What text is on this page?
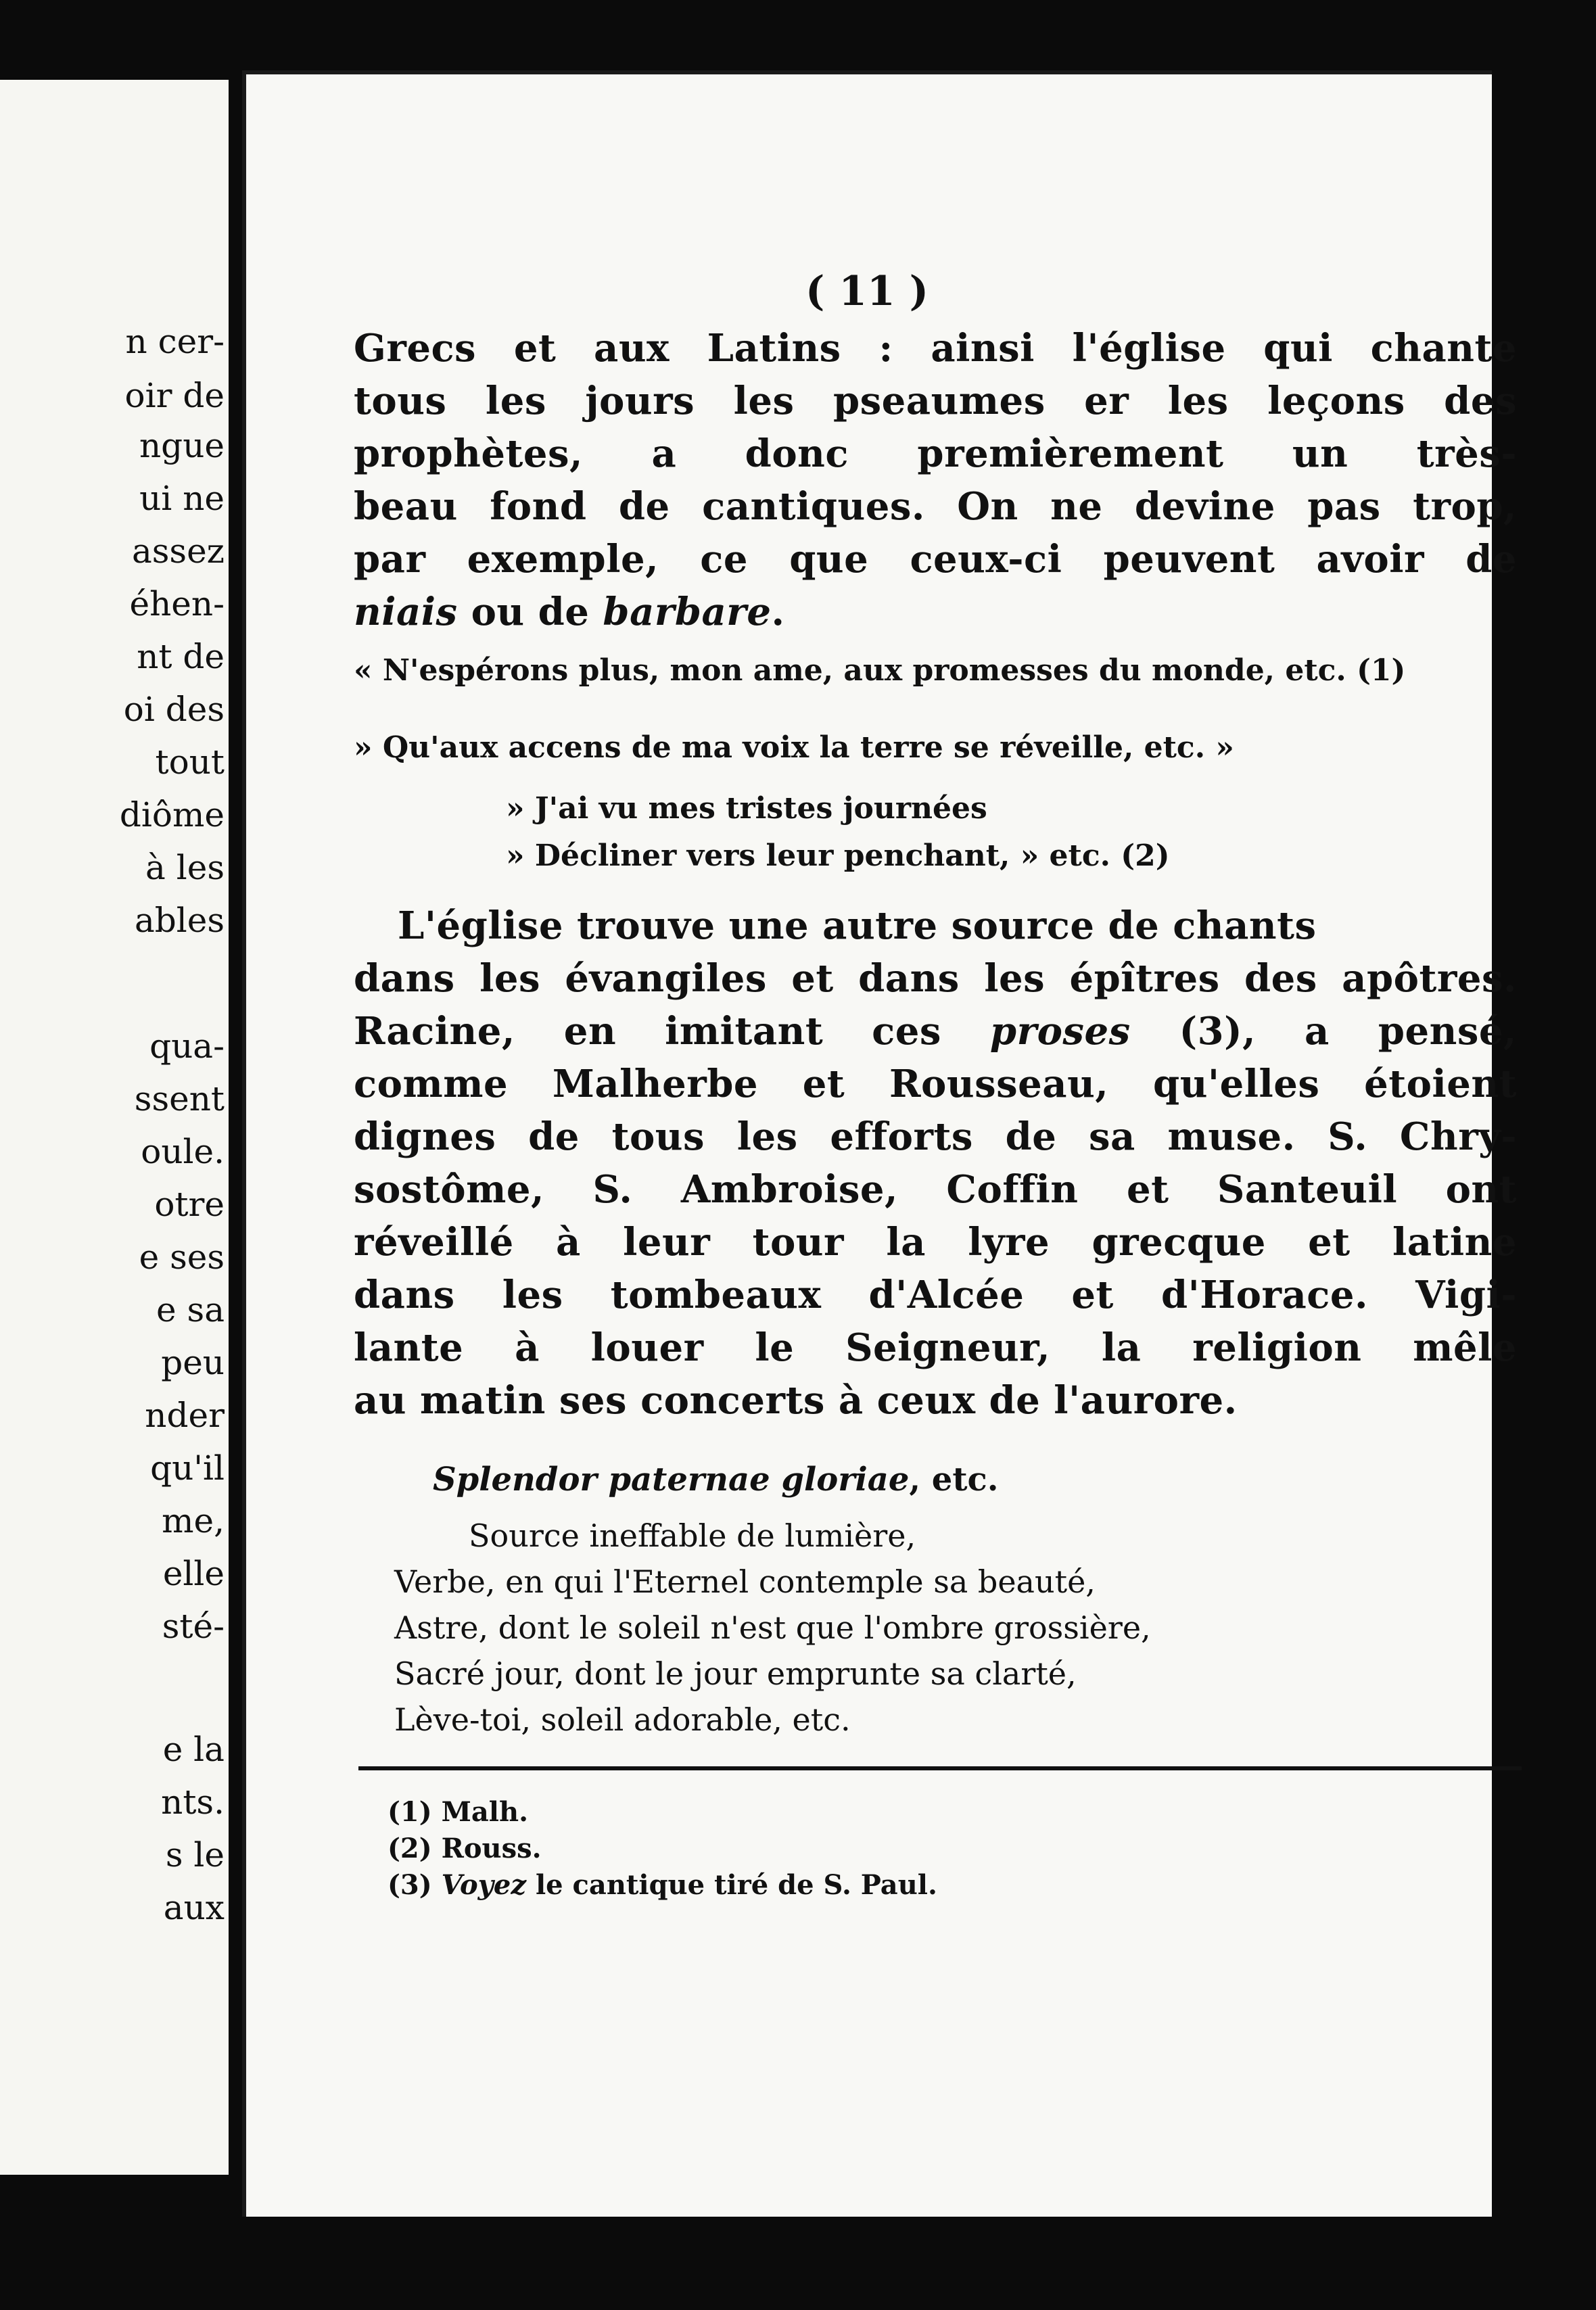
n cer-
oir de
ngue
ui ne
assez
éhen-
nt de
oi des
tout
diôme
à les
ables
qua-
ssent
oule.
otre
e ses
e sa
peu
nder
qu'il
me,
elle
sté-
e la
nts.
s le
aux
( 11 )
Grecs et aux Latins : ainsi l'église qui chante
tous les jours les pseaumes er les leçons des
prophètes, a donc premièrement un très-
beau fond de cantiques. On ne devine pas trop,
par exemple, ce que ceux-ci peuvent avoir de
niais ou de barbare.
« N'espérons plus, mon ame, aux promesses du monde, etc. (1)
» Qu'aux accens de ma voix la terre se réveille, etc. »
» J'ai vu mes tristes journées
» Décliner vers leur penchant, » etc. (2)
L'église trouve une autre source de chants
dans les évangiles et dans les épîtres des apôtres.
Racine, en imitant ces proses (3), a pensé,
comme Malherbe et Rousseau, qu'elles étoient
dignes de tous les efforts de sa muse. S. Chry-
sostôme, S. Ambroise, Coffin et Santeuil ont
réveillé à leur tour la lyre grecque et latine
dans les tombeaux d'Alcée et d'Horace. Vigi-
lante à louer le Seigneur, la religion mêle
au matin ses concerts à ceux de l'aurore.
Splendor paternae gloriae, etc.
Source ineffable de lumière,
Verbe, en qui l'Eternel contemple sa beauté,
Astre, dont le soleil n'est que l'ombre grossière,
Sacré jour, dont le jour emprunte sa clarté,
Lève-toi, soleil adorable, etc.
(1) Malh.
(2) Rouss.
(3) Voyez le cantique tiré de S. Paul.
